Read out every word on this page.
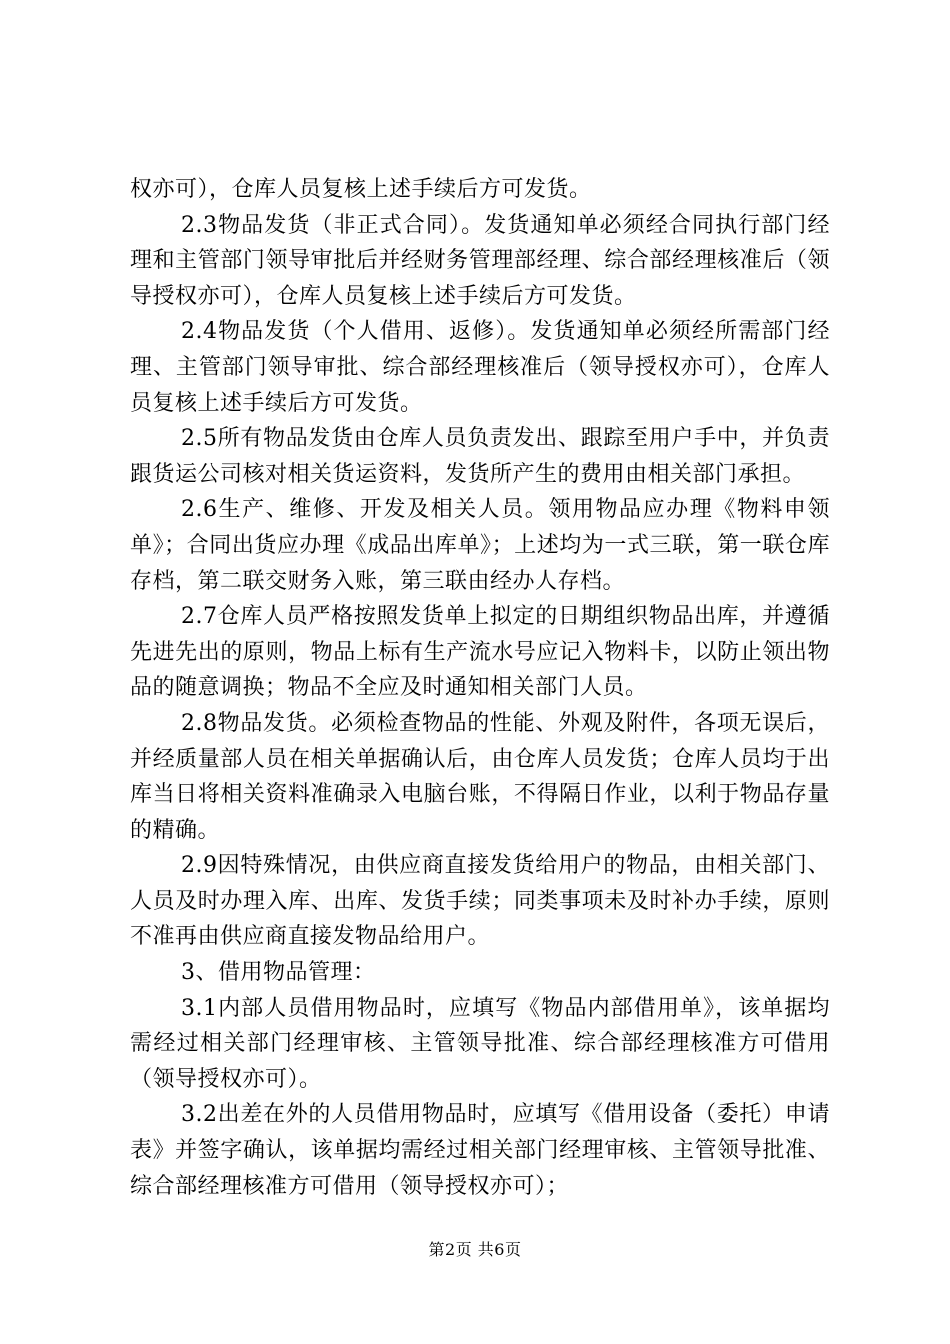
权亦可），仓库人员复核上述手续后方可发货。

2.3物品发货（非正式合同）。发货通知单必须经合同执行部门经理和主管部门领导审批后并经财务管理部经理、综合部经理核准后（领导授权亦可），仓库人员复核上述手续后方可发货。

2.4物品发货（个人借用、返修）。发货通知单必须经所需部门经理、主管部门领导审批、综合部经理核准后（领导授权亦可），仓库人员复核上述手续后方可发货。

2.5所有物品发货由仓库人员负责发出、跟踪至用户手中，并负责跟货运公司核对相关货运资料，发货所产生的费用由相关部门承担。

2.6生产、维修、开发及相关人员。领用物品应办理《物料申领单》；合同出货应办理《成品出库单》；上述均为一式三联，第一联仓库存档，第二联交财务入账，第三联由经办人存档。

2.7仓库人员严格按照发货单上拟定的日期组织物品出库，并遵循先进先出的原则，物品上标有生产流水号应记入物料卡，以防止领出物品的随意调换；物品不全应及时通知相关部门人员。

2.8物品发货。必须检查物品的性能、外观及附件，各项无误后，并经质量部人员在相关单据确认后，由仓库人员发货；仓库人员均于出库当日将相关资料准确录入电脑台账，不得隔日作业，以利于物品存量的精确。

2.9因特殊情况，由供应商直接发货给用户的物品，由相关部门、人员及时办理入库、出库、发货手续；同类事项未及时补办手续，原则不准再由供应商直接发物品给用户。

3、借用物品管理：

3.1内部人员借用物品时，应填写《物品内部借用单》，该单据均需经过相关部门经理审核、主管领导批准、综合部经理核准方可借用（领导授权亦可）。

3.2出差在外的人员借用物品时，应填写《借用设备（委托）申请表》并签字确认，该单据均需经过相关部门经理审核、主管领导批准、综合部经理核准方可借用（领导授权亦可）；

第2页 共6页
